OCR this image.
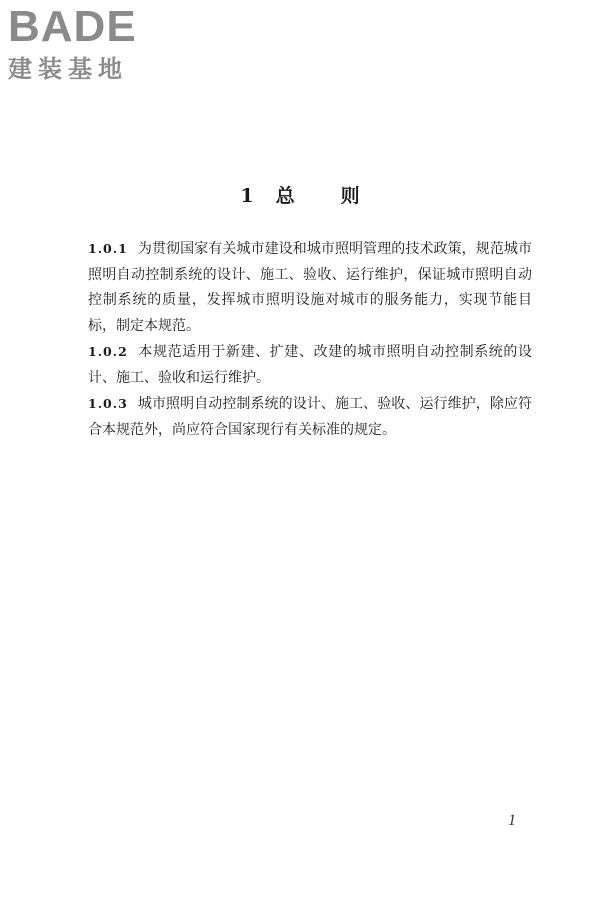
BADE
建装基地
1 总 则

1.0.1 为贯彻国家有关城市建设和城市照明管理的技术政策，规范城市照明自动控制系统的设计、施工、验收、运行维护，保证城市照明自动控制系统的质量，发挥城市照明设施对城市的服务能力，实现节能目标，制定本规范。

1.0.2 本规范适用于新建、扩建、改建的城市照明自动控制系统的设计、施工、验收和运行维护。

1.0.3 城市照明自动控制系统的设计、施工、验收、运行维护，除应符合本规范外，尚应符合国家现行有关标准的规定。

1
